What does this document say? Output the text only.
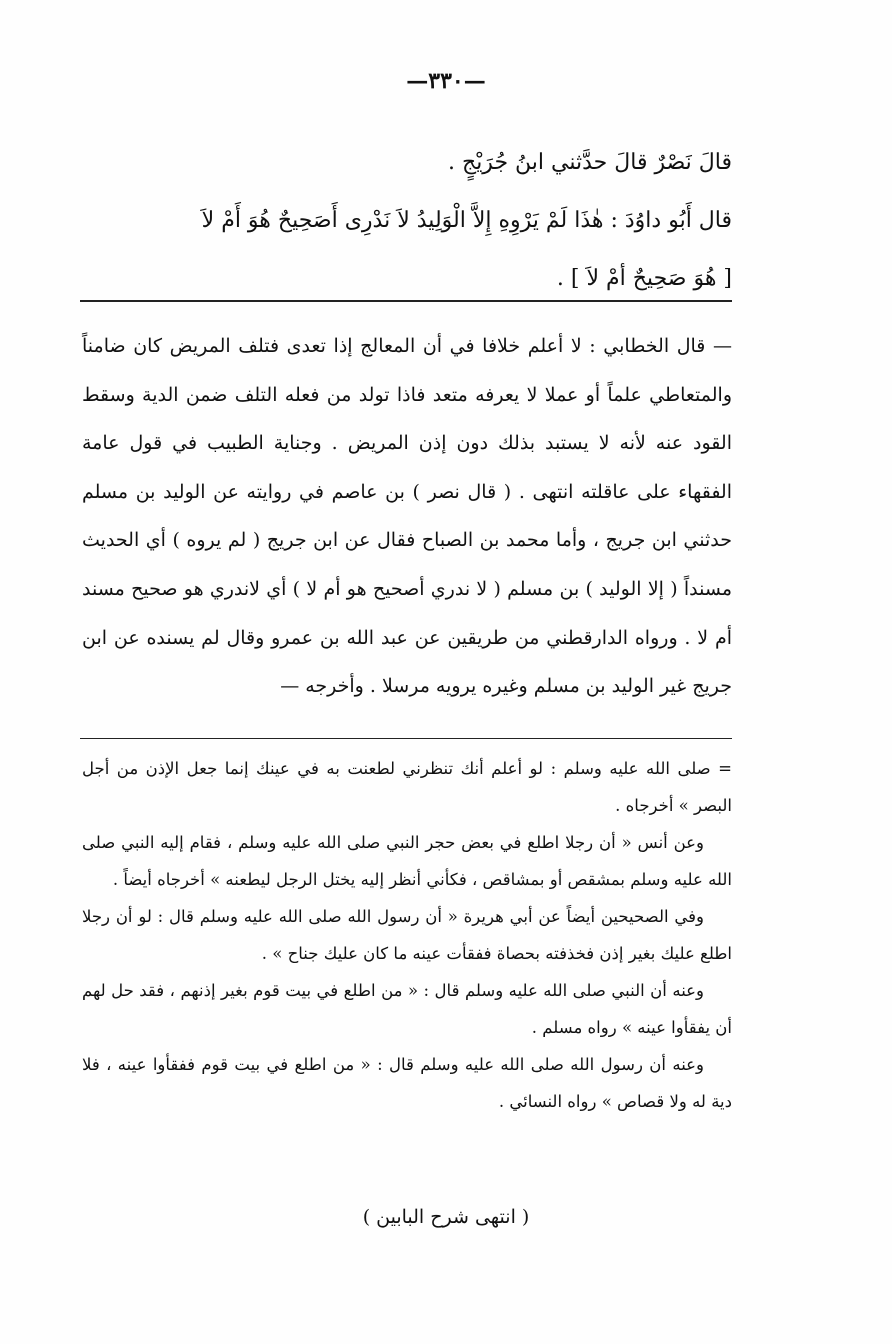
—٣٣٠—

قالَ نَصْرٌ قالَ حدَّثني ابنُ جُرَيْجٍ .

قال أَبُو داوُدَ : هٰذَا لَمْ يَرْوِهِ إِلاَّ الْوَلِيدُ لاَ نَدْرِى أَصَحِيحٌ هُوَ أَمْ لاَ

[ هُوَ صَحِيحٌ أمْ لاَ ] .

— قال الخطابي : لا أعلم خلافا في أن المعالج إذا تعدى فتلف المريض كان ضامناً والمتعاطي علماً أو عملا لا يعرفه متعد فاذا تولد من فعله التلف ضمن الدية وسقط القود عنه لأنه لا يستبد بذلك دون إذن المريض . وجناية الطبيب في قول عامة الفقهاء على عاقلته انتهى . ( قال نصر ) بن عاصم في روايته عن الوليد بن مسلم حدثني ابن جريج ، وأما محمد بن الصباح فقال عن ابن جريج ( لم يروه ) أي الحديث مسنداً ( إلا الوليد ) بن مسلم ( لا ندري أصحيح هو أم لا ) أي لاندري هو صحيح مسند أم لا . ورواه الدارقطني من طريقين عن عبد الله بن عمرو وقال لم يسنده عن ابن جريج غير الوليد بن مسلم وغيره يرويه مرسلا . وأخرجه —

= صلى الله عليه وسلم : لو أعلم أنك تنظرني لطعنت به في عينك إنما جعل الإذن من أجل البصر » أخرجاه .

وعن أنس « أن رجلا اطلع في بعض حجر النبي صلى الله عليه وسلم ، فقام إليه النبي صلى الله عليه وسلم بمشقص أو بمشاقص ، فكأني أنظر إليه يختل الرجل ليطعنه » أخرجاه أيضاً .

وفي الصحيحين أيضاً عن أبي هريرة « أن رسول الله صلى الله عليه وسلم قال : لو أن رجلا اطلع عليك بغير إذن فخذفته بحصاة ففقأت عينه ما كان عليك جناح » .

وعنه أن النبي صلى الله عليه وسلم قال : « من اطلع في بيت قوم بغير إذنهم ، فقد حل لهم أن يفقأوا عينه » رواه مسلم .

وعنه أن رسول الله صلى الله عليه وسلم قال : « من اطلع في بيت قوم ففقأوا عينه ، فلا دية له ولا قصاص » رواه النسائي .

( انتهى شرح البابين )
